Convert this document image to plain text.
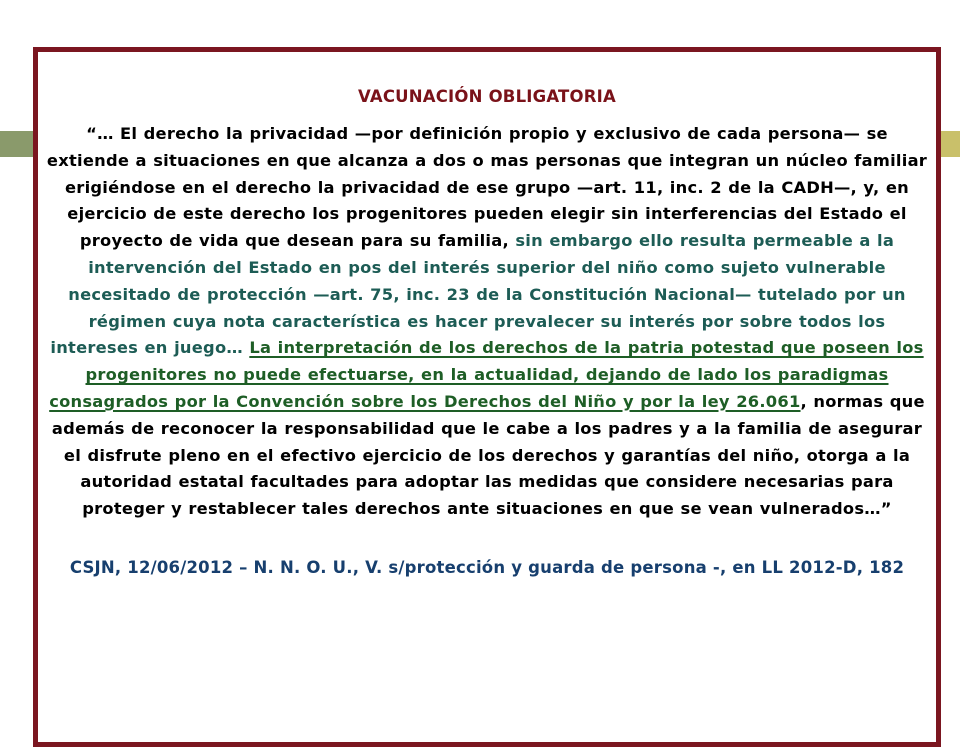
VACUNACIÓN OBLIGATORIA

“… El derecho la privacidad —por definición propio y exclusivo de cada persona— se extiende a situaciones en que alcanza a dos o mas personas que integran un núcleo familiar erigiéndose en el derecho la privacidad de ese grupo —art. 11, inc. 2 de la CADH—, y, en ejercicio de este derecho los progenitores pueden elegir sin interferencias del Estado el proyecto de vida que desean para su familia, sin embargo ello resulta permeable a la intervención del Estado en pos del interés superior del niño como sujeto vulnerable necesitado de protección —art. 75, inc. 23 de la Constitución Nacional— tutelado por un régimen cuya nota característica es hacer prevalecer su interés por sobre todos los intereses en juego… La interpretación de los derechos de la patria potestad que poseen los progenitores no puede efectuarse, en la actualidad, dejando de lado los paradigmas consagrados por la Convención sobre los Derechos del Niño y por la ley 26.061, normas que además de reconocer la responsabilidad que le cabe a los padres y a la familia de asegurar el disfrute pleno en el efectivo ejercicio de los derechos y garantías del niño, otorga a la autoridad estatal facultades para adoptar las medidas que considere necesarias para proteger y restablecer tales derechos ante situaciones en que se vean vulnerados…”

CSJN, 12/06/2012 – N. N. O. U., V. s/protección y guarda de persona -, en LL 2012-D, 182
